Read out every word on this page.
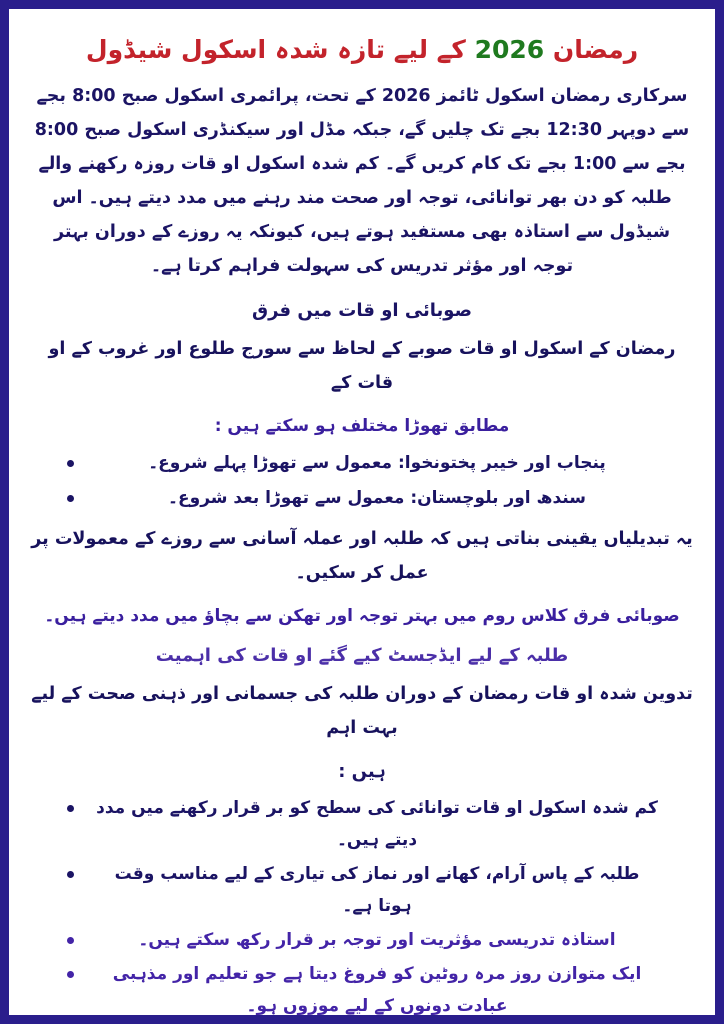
رمضان 2026 کے لیے تازہ شدہ اسکول شیڈول

سرکاری رمضان اسکول ٹائمز 2026 کے تحت، پرائمری اسکول صبح 8:00 بجے سے دوپہر 12:30 بجے تک چلیں گے، جبکہ مڈل اور سیکنڈری اسکول صبح 8:00 بجے سے 1:00 بجے تک کام کریں گے۔ کم شدہ اسکول او قات روزہ رکھنے والے طلبہ کو دن بھر توانائی، توجہ اور صحت مند رہنے میں مدد دیتے ہیں۔ اس شیڈول سے استاذہ بھی مستفید ہوتے ہیں، کیونکہ یہ روزے کے دوران بہتر توجہ اور مؤثر تدریس کی سہولت فراہم کرتا ہے۔

صوبائی او قات میں فرق

رمضان کے اسکول او قات صوبے کے لحاظ سے سورج طلوع اور غروب کے او قات کے

مطابق تھوڑا مختلف ہو سکتے ہیں :
پنجاب اور خیبر پختونخوا: معمول سے تھوڑا پہلے شروع۔
سندھ اور بلوچستان: معمول سے تھوڑا بعد شروع۔

یہ تبدیلیاں یقینی بناتی ہیں کہ طلبہ اور عملہ آسانی سے روزے کے معمولات پر عمل کر سکیں۔

صوبائی فرق کلاس روم میں بہتر توجہ اور تھکن سے بچاؤ میں مدد دیتے ہیں۔
طلبہ کے لیے ایڈجسٹ کیے گئے او قات کی اہمیت

تدوین شدہ او قات رمضان کے دوران طلبہ کی جسمانی اور ذہنی صحت کے لیے بہت اہم

ہیں :
کم شدہ اسکول او قات توانائی کی سطح کو بر قرار رکھنے میں مدد دیتے ہیں۔
طلبہ کے پاس آرام، کھانے اور نماز کی تیاری کے لیے مناسب وقت ہوتا ہے۔
استاذہ تدریسی مؤثریت اور توجہ بر قرار رکھ سکتے ہیں۔
ایک متوازن روز مرہ روٹین کو فروغ دیتا ہے جو تعلیم اور مذہبی عبادت دونوں کے لیے موزوں ہو۔
